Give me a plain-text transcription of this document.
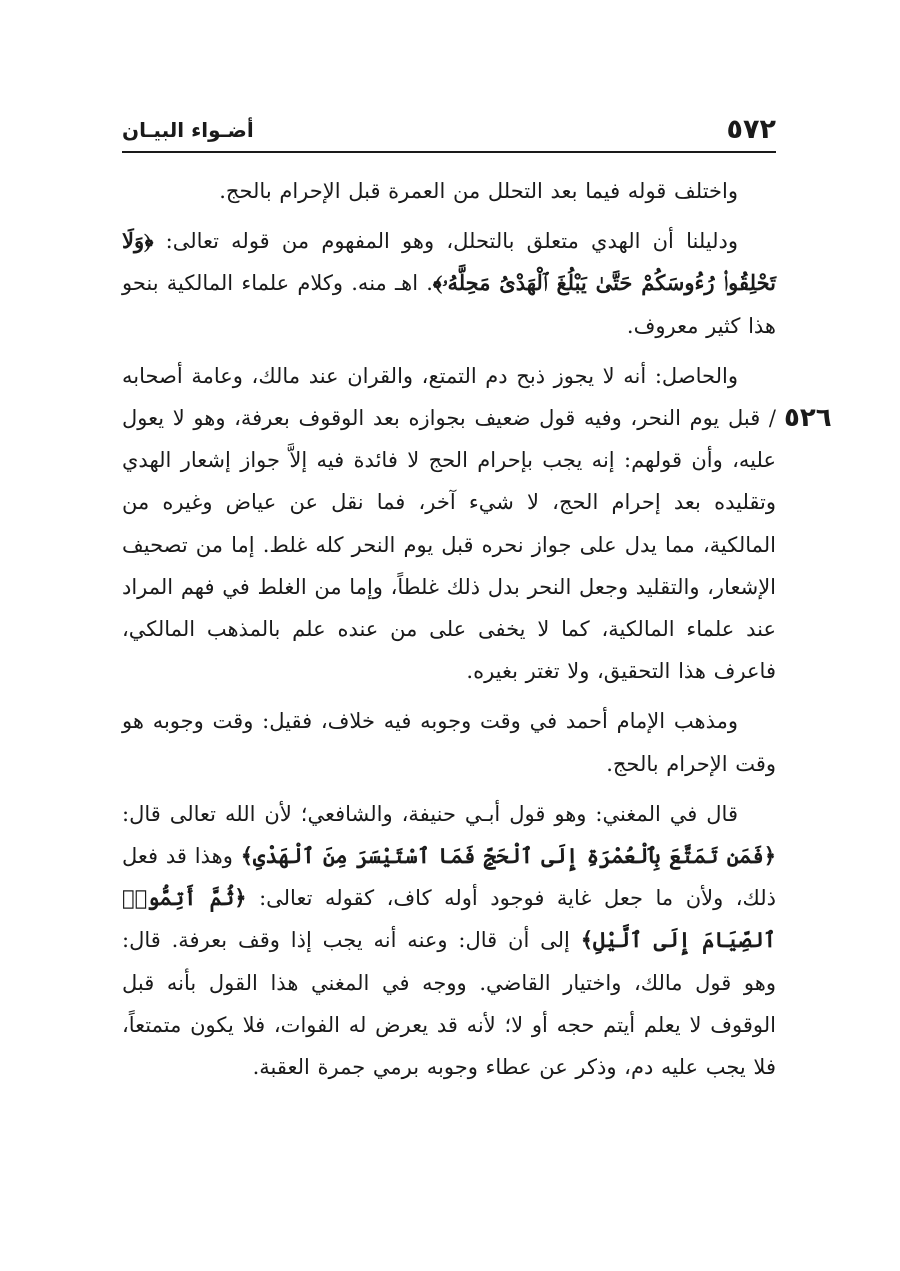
٥٧٢
أضـواء البيـان
٥٢٦

واختلف قوله فيما بعد التحلل من العمرة قبل الإحرام بالحج.

ودليلنا أن الهدي متعلق بالتحلل، وهو المفهوم من قوله تعالى: ﴿وَلَا تَحْلِقُوا۟ رُءُوسَكُمْ حَتَّىٰ يَبْلُغَ ٱلْهَدْىُ مَحِلَّهُۥ﴾. اهـ منه. وكلام علماء المالكية بنحو هذا كثير معروف.

والحاصل: أنه لا يجوز ذبح دم التمتع، والقران عند مالك، وعامة أصحابه / قبل يوم النحر، وفيه قول ضعيف بجوازه بعد الوقوف بعرفة، وهو لا يعول عليه، وأن قولهم: إنه يجب بإحرام الحج لا فائدة فيه إلاَّ جواز إشعار الهدي وتقليده بعد إحرام الحج، لا شيء آخر، فما نقل عن عياض وغيره من المالكية، مما يدل على جواز نحره قبل يوم النحر كله غلط. إما من تصحيف الإشعار، والتقليد وجعل النحر بدل ذلك غلطاً، وإما من الغلط في فهم المراد عند علماء المالكية، كما لا يخفى على من عنده علم بالمذهب المالكي، فاعرف هذا التحقيق، ولا تغتر بغيره.

ومذهب الإمام أحمد في وقت وجوبه فيه خلاف، فقيل: وقت وجوبه هو وقت الإحرام بالحج.

قال في المغني: وهو قول أبـي حنيفة، والشافعي؛ لأن الله تعالى قال: ﴿فَمَن تَمَتَّعَ بِٱلْعُمْرَةِ إِلَى ٱلْحَجِّ فَمَا ٱسْتَيْسَرَ مِنَ ٱلْهَدْىِ﴾ وهذا قد فعل ذلك، ولأن ما جعل غاية فوجود أوله كاف، كقوله تعالى: ﴿ثُمَّ أَتِمُّوا۟ ٱلصِّيَامَ إِلَى ٱلَّيْلِ﴾ إلى أن قال: وعنه أنه يجب إذا وقف بعرفة. قال: وهو قول مالك، واختيار القاضي. ووجه في المغني هذا القول بأنه قبل الوقوف لا يعلم أيتم حجه أو لا؛ لأنه قد يعرض له الفوات، فلا يكون متمتعاً، فلا يجب عليه دم، وذكر عن عطاء وجوبه برمي جمرة العقبة.
